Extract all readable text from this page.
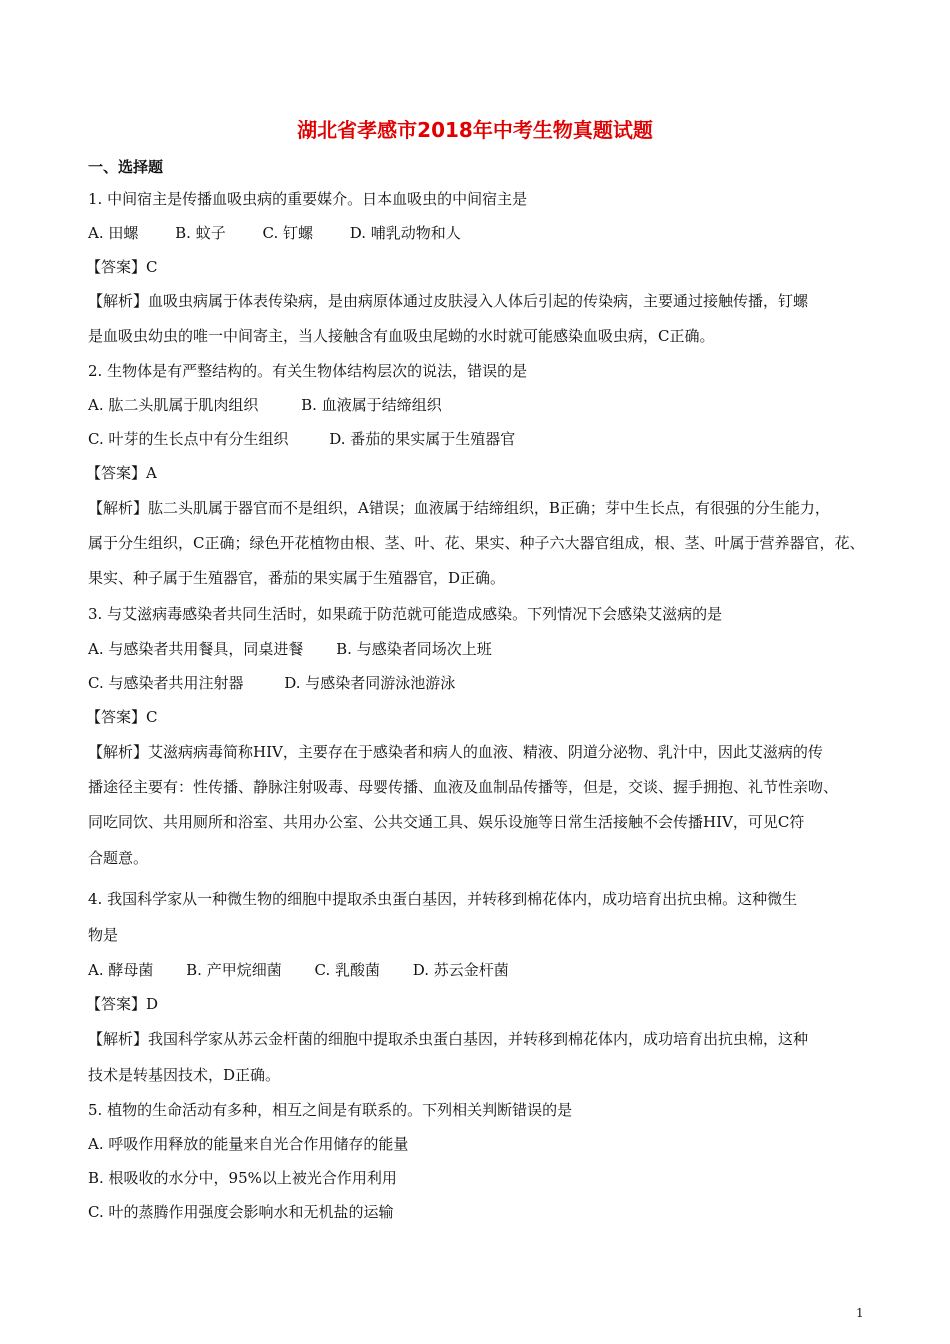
湖北省孝感市2018年中考生物真题试题
一、选择题
1. 中间宿主是传播血吸虫病的重要媒介。日本血吸虫的中间宿主是
A. 田螺 B. 蚊子 C. 钉螺 D. 哺乳动物和人
【答案】C
【解析】血吸虫病属于体表传染病，是由病原体通过皮肤浸入人体后引起的传染病，主要通过接触传播，钉螺
是血吸虫幼虫的唯一中间寄主，当人接触含有血吸虫尾蚴的水时就可能感染血吸虫病，C正确。
2. 生物体是有严整结构的。有关生物体结构层次的说法，错误的是
A. 肱二头肌属于肌肉组织	B. 血液属于结缔组织
C. 叶芽的生长点中有分生组织	D. 番茄的果实属于生殖器官
【答案】A
【解析】肱二头肌属于器官而不是组织，A错误；血液属于结缔组织，B正确；芽中生长点，有很强的分生能力，
属于分生组织，C正确；绿色开花植物由根、茎、叶、花、果实、种子六大器官组成，根、茎、叶属于营养器官，花、
果实、种子属于生殖器官，番茄的果实属于生殖器官，D正确。
3. 与艾滋病毒感染者共同生活时，如果疏于防范就可能造成感染。下列情况下会感染艾滋病的是
A. 与感染者共用餐具，同桌进餐 B. 与感染者同场次上班
C. 与感染者共用注射器	D. 与感染者同游泳池游泳
【答案】C
【解析】艾滋病病毒简称HIV，主要存在于感染者和病人的血液、精液、阴道分泌物、乳汁中，因此艾滋病的传
播途径主要有：性传播、静脉注射吸毒、母婴传播、血液及血制品传播等，但是，交谈、握手拥抱、礼节性亲吻、
同吃同饮、共用厕所和浴室、共用办公室、公共交通工具、娱乐设施等日常生活接触不会传播HIV，可见C符
合题意。
4. 我国科学家从一种微生物的细胞中提取杀虫蛋白基因，并转移到棉花体内，成功培育出抗虫棉。这种微生
物是
A. 酵母菌 B. 产甲烷细菌 C. 乳酸菌 D. 苏云金杆菌
【答案】D
【解析】我国科学家从苏云金杆菌的细胞中提取杀虫蛋白基因，并转移到棉花体内，成功培育出抗虫棉，这种
技术是转基因技术，D正确。
5. 植物的生命活动有多种，相互之间是有联系的。下列相关判断错误的是
A. 呼吸作用释放的能量来自光合作用储存的能量
B. 根吸收的水分中，95%以上被光合作用利用
C. 叶的蒸腾作用强度会影响水和无机盐的运输
1
